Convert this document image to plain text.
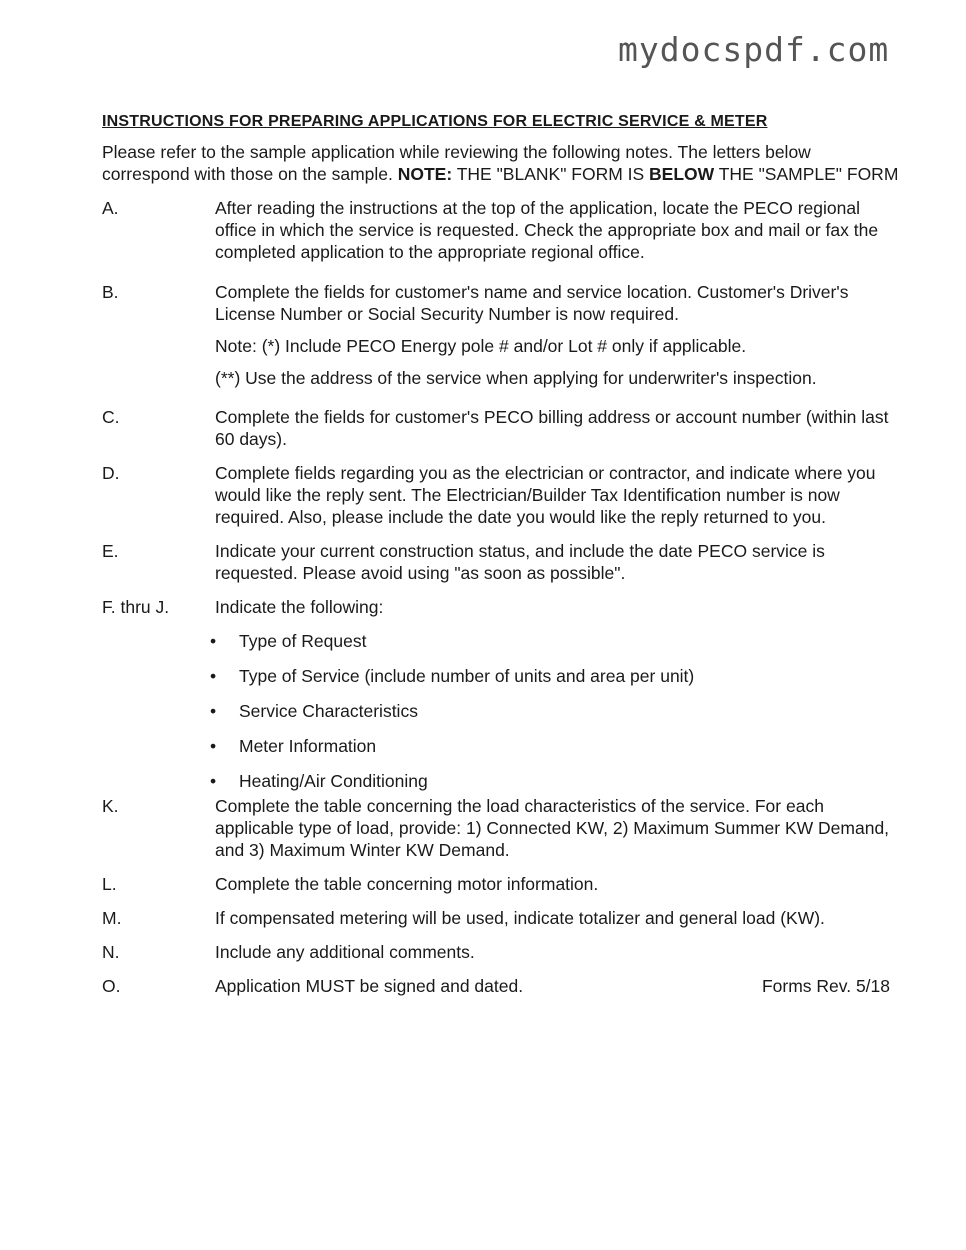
mydocspdf.com
INSTRUCTIONS FOR PREPARING APPLICATIONS FOR ELECTRIC SERVICE & METER

Please refer to the sample application while reviewing the following notes. The letters below correspond with those on the sample. NOTE: THE "BLANK" FORM IS BELOW THE "SAMPLE" FORM

A.	After reading the instructions at the top of the application, locate the PECO regional office in which the service is requested. Check the appropriate box and mail or fax the completed application to the appropriate regional office.
B.	Complete the fields for customer's name and service location. Customer's Driver's License Number or Social Security Number is now required.
Note: (*) Include PECO Energy pole # and/or Lot # only if applicable.
(**) Use the address of the service when applying for underwriter's inspection.
C.	Complete the fields for customer's PECO billing address or account number (within last 60 days).
D.	Complete fields regarding you as the electrician or contractor, and indicate where you would like the reply sent. The Electrician/Builder Tax Identification number is now required. Also, please include the date you would like the reply returned to you.
E.	Indicate your current construction status, and include the date PECO service is requested. Please avoid using "as soon as possible".
F. thru J.	Indicate the following:
•	Type of Request
•	Type of Service (include number of units and area per unit)
•	Service Characteristics
•	Meter Information
•	Heating/Air Conditioning
K.	Complete the table concerning the load characteristics of the service. For each applicable type of load, provide: 1) Connected KW, 2) Maximum Summer KW Demand, and 3) Maximum Winter KW Demand.
L.	Complete the table concerning motor information.
M.	If compensated metering will be used, indicate totalizer and general load (KW).
N.	Include any additional comments.
O.	Application MUST be signed and dated.	Forms Rev. 5/18
